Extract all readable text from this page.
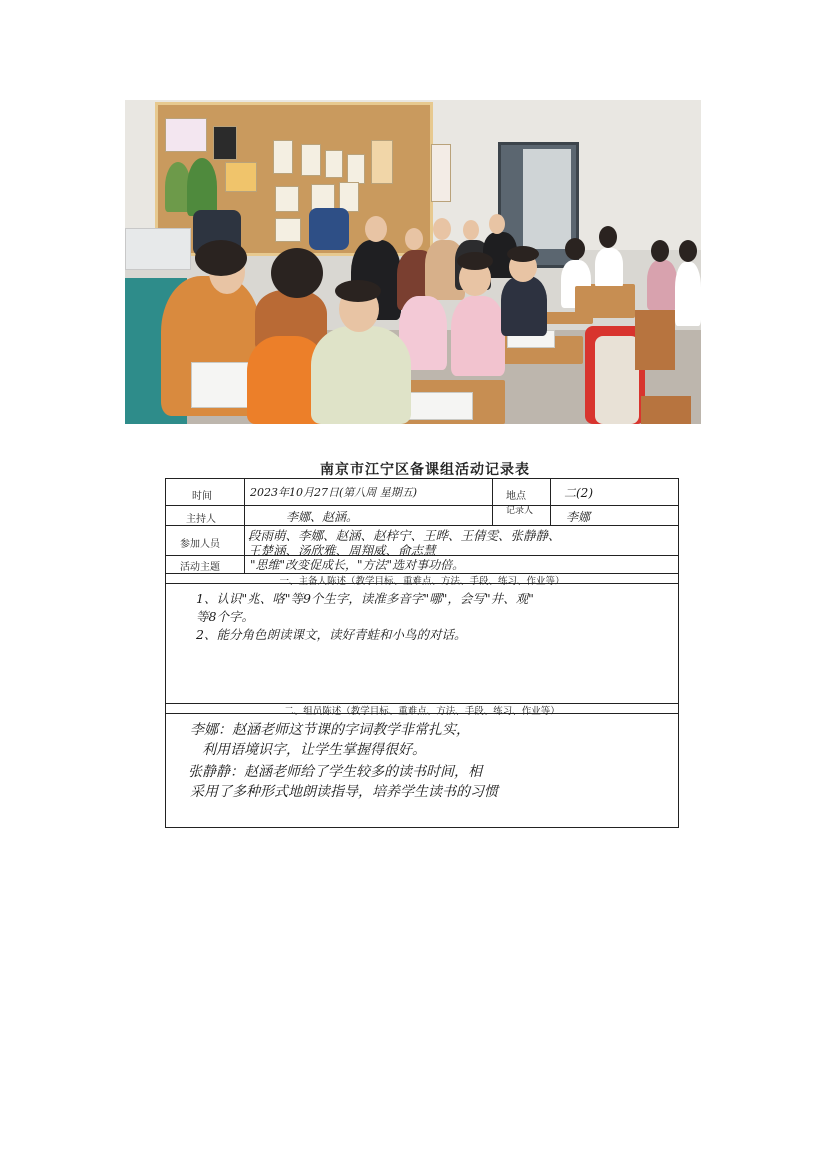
南京市江宁区备课组活动记录表
时间	2023年10月27日(第八周 星期五)	地点	二(2)
主持人	李娜、赵涵。	记录人	李娜
参加人员
段雨萌、李娜、赵涵、赵梓宁、王晔、王倩雯、张静静、
王楚涵、汤欣雅、周翔威、俞志慧
活动主题	"思维"改变促成长，"方法"选对事功倍。
一、主备人陈述（教学目标、重难点、方法、手段、练习、作业等）
1、认识"兆、咯"等9个生字，读准多音字"哪"，会写"井、观"
等8个字。
2、能分角色朗读课文，读好青蛙和小鸟的对话。
二、组员陈述（教学目标、重难点、方法、手段、练习、作业等）
李娜：赵涵老师这节课的字词教学非常扎实，
利用语境识字，让学生掌握得很好。
张静静：赵涵老师给了学生较多的读书时间，相
采用了多种形式地朗读指导，培养学生读书的习惯
